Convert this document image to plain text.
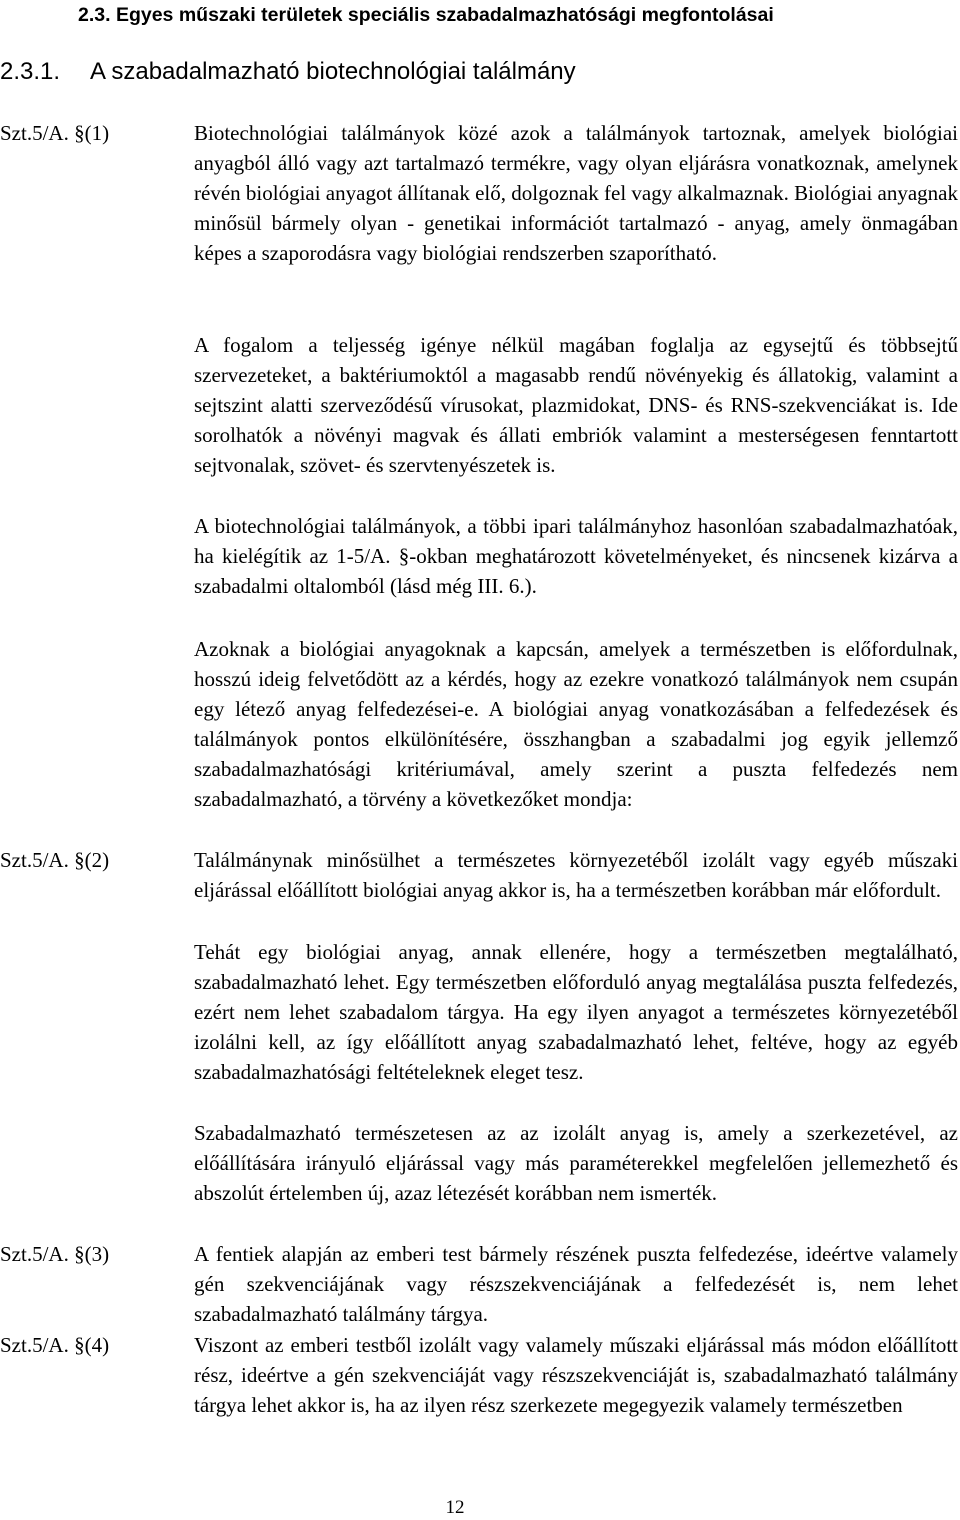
2.3. Egyes műszaki területek speciális szabadalmazhatósági megfontolásai
2.3.1. A szabadalmazható biotechnológiai találmány
Szt.5/A. §(1)
Szt.5/A. §(2)
Szt.5/A. §(3)
Szt.5/A. §(4)

Biotechnológiai találmányok közé azok a találmányok tartoznak, amelyek biológiai anyagból álló vagy azt tartalmazó termékre, vagy olyan eljárásra vonatkoznak, amelynek révén biológiai anyagot állítanak elő, dolgoznak fel vagy alkalmaznak. Biológiai anyagnak minősül bármely olyan - genetikai információt tartalmazó - anyag, amely önmagában képes a szaporodásra vagy biológiai rendszerben szaporítható.

A fogalom a teljesség igénye nélkül magában foglalja az egysejtű és többsejtű szervezeteket, a baktériumoktól a magasabb rendű növényekig és állatokig, valamint a sejtszint alatti szerveződésű vírusokat, plazmidokat, DNS- és RNS-szekvenciákat is. Ide sorolhatók a növényi magvak és állati embriók valamint a mesterségesen fenntartott sejtvonalak, szövet- és szervtenyészetek is.

A biotechnológiai találmányok, a többi ipari találmányhoz hasonlóan szabadalmazhatóak, ha kielégítik az 1-5/A. §-okban meghatározott követelményeket, és nincsenek kizárva a szabadalmi oltalomból (lásd még III. 6.).

Azoknak a biológiai anyagoknak a kapcsán, amelyek a természetben is előfordulnak, hosszú ideig felvetődött az a kérdés, hogy az ezekre vonatkozó találmányok nem csupán egy létező anyag felfedezései-e. A biológiai anyag vonatkozásában a felfedezések és találmányok pontos elkülönítésére, összhangban a szabadalmi jog egyik jellemző szabadalmazhatósági kritériumával, amely szerint a puszta felfedezés nem szabadalmazható, a törvény a következőket mondja:

Találmánynak minősülhet a természetes környezetéből izolált vagy egyéb műszaki eljárással előállított biológiai anyag akkor is, ha a természetben korábban már előfordult.

Tehát egy biológiai anyag, annak ellenére, hogy a természetben megtalálható, szabadalmazható lehet. Egy természetben előforduló anyag megtalálása puszta felfedezés, ezért nem lehet szabadalom tárgya. Ha egy ilyen anyagot a természetes környezetéből izolálni kell, az így előállított anyag szabadalmazható lehet, feltéve, hogy az egyéb szabadalmazhatósági feltételeknek eleget tesz.

Szabadalmazható természetesen az az izolált anyag is, amely a szerkezetével, az előállítására irányuló eljárással vagy más paraméterekkel megfelelően jellemezhető és abszolút értelemben új, azaz létezését korábban nem ismerték.

A fentiek alapján az emberi test bármely részének puszta felfedezése, ideértve valamely gén szekvenciájának vagy részszekvenciájának a felfedezését is, nem lehet szabadalmazható találmány tárgya.

Viszont az emberi testből izolált vagy valamely műszaki eljárással más módon előállított rész, ideértve a gén szekvenciáját vagy részszekvenciáját is, szabadalmazható találmány tárgya lehet akkor is, ha az ilyen rész szerkezete megegyezik valamely természetben

12
